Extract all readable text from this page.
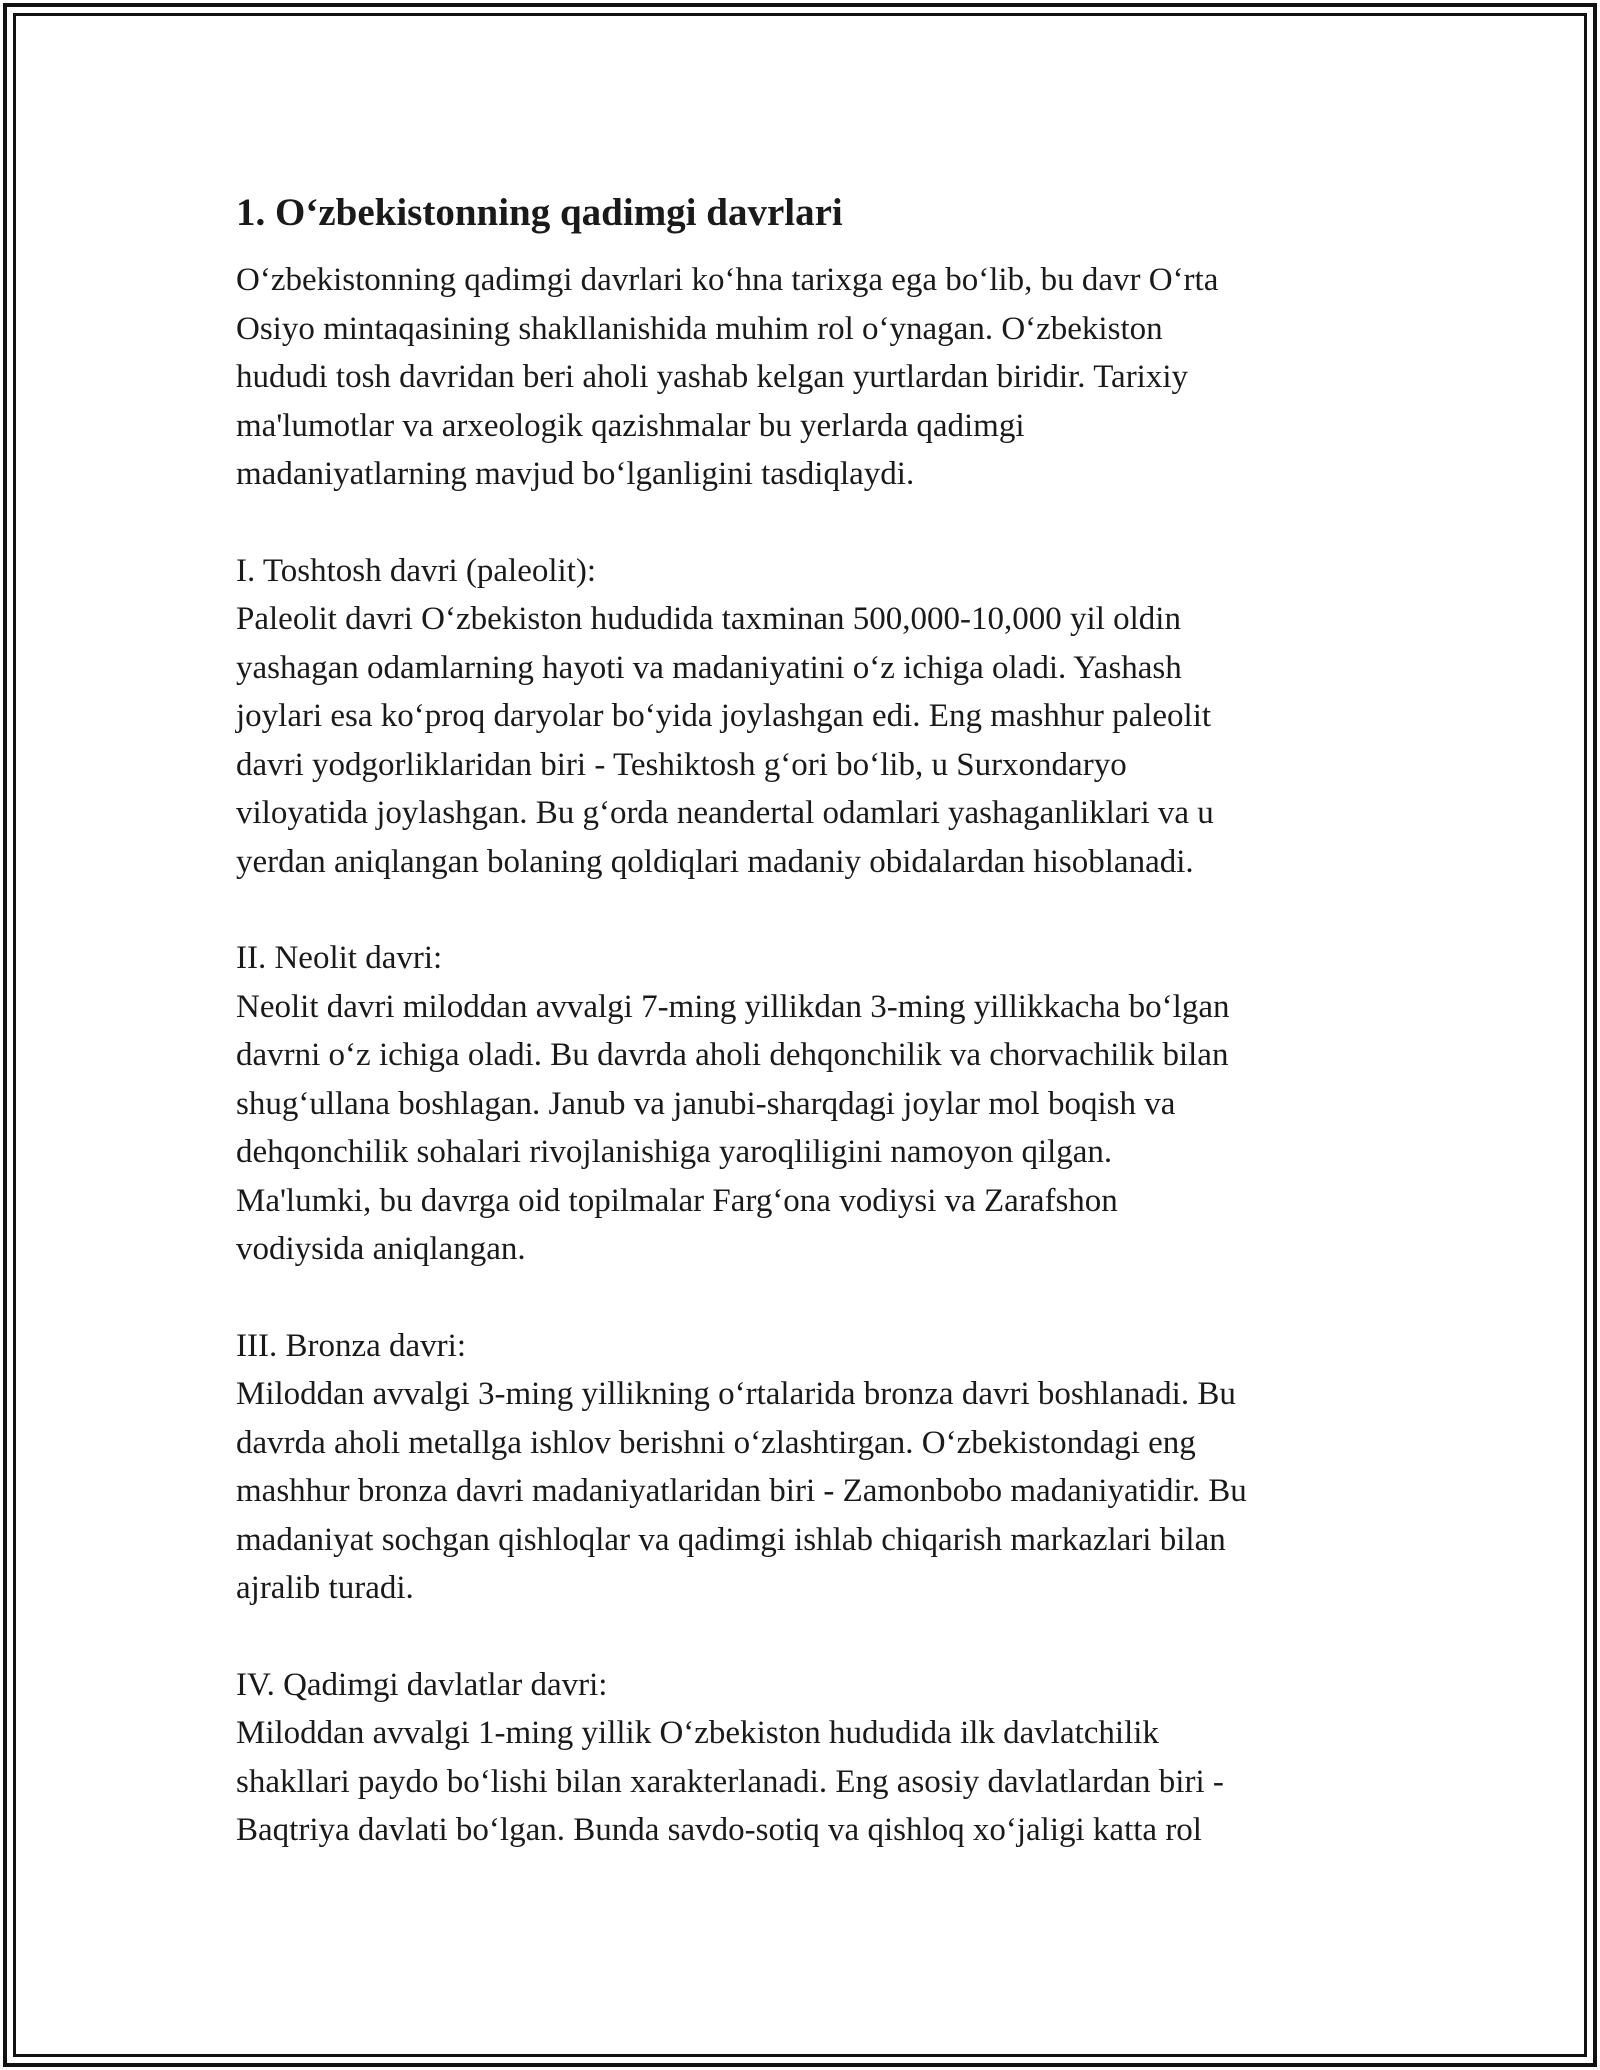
1. O‘zbekistonning qadimgi davrlari

O‘zbekistonning qadimgi davrlari ko‘hna tarixga ega bo‘lib, bu davr O‘rta
Osiyo mintaqasining shakllanishida muhim rol o‘ynagan. O‘zbekiston
hududi tosh davridan beri aholi yashab kelgan yurtlardan biridir. Tarixiy
ma'lumotlar va arxeologik qazishmalar bu yerlarda qadimgi
madaniyatlarning mavjud bo‘lganligini tasdiqlaydi.

I. Toshtosh davri (paleolit):

Paleolit davri O‘zbekiston hududida taxminan 500,000-10,000 yil oldin
yashagan odamlarning hayoti va madaniyatini o‘z ichiga oladi. Yashash
joylari esa ko‘proq daryolar bo‘yida joylashgan edi. Eng mashhur paleolit
davri yodgorliklaridan biri - Teshiktosh g‘ori bo‘lib, u Surxondaryo
viloyatida joylashgan. Bu g‘orda neandertal odamlari yashaganliklari va u
yerdan aniqlangan bolaning qoldiqlari madaniy obidalardan hisoblanadi.

II. Neolit davri:

Neolit davri miloddan avvalgi 7-ming yillikdan 3-ming yillikkacha bo‘lgan
davrni o‘z ichiga oladi. Bu davrda aholi dehqonchilik va chorvachilik bilan
shug‘ullana boshlagan. Janub va janubi-sharqdagi joylar mol boqish va
dehqonchilik sohalari rivojlanishiga yaroqliligini namoyon qilgan.
Ma'lumki, bu davrga oid topilmalar Farg‘ona vodiysi va Zarafshon
vodiysida aniqlangan.

III. Bronza davri:

Miloddan avvalgi 3-ming yillikning o‘rtalarida bronza davri boshlanadi. Bu
davrda aholi metallga ishlov berishni o‘zlashtirgan. O‘zbekistondagi eng
mashhur bronza davri madaniyatlaridan biri - Zamonbobo madaniyatidir. Bu
madaniyat sochgan qishloqlar va qadimgi ishlab chiqarish markazlari bilan
ajralib turadi.

IV. Qadimgi davlatlar davri:

Miloddan avvalgi 1-ming yillik O‘zbekiston hududida ilk davlatchilik
shakllari paydo bo‘lishi bilan xarakterlanadi. Eng asosiy davlatlardan biri -
Baqtriya davlati bo‘lgan. Bunda savdo-sotiq va qishloq xo‘jaligi katta rol
